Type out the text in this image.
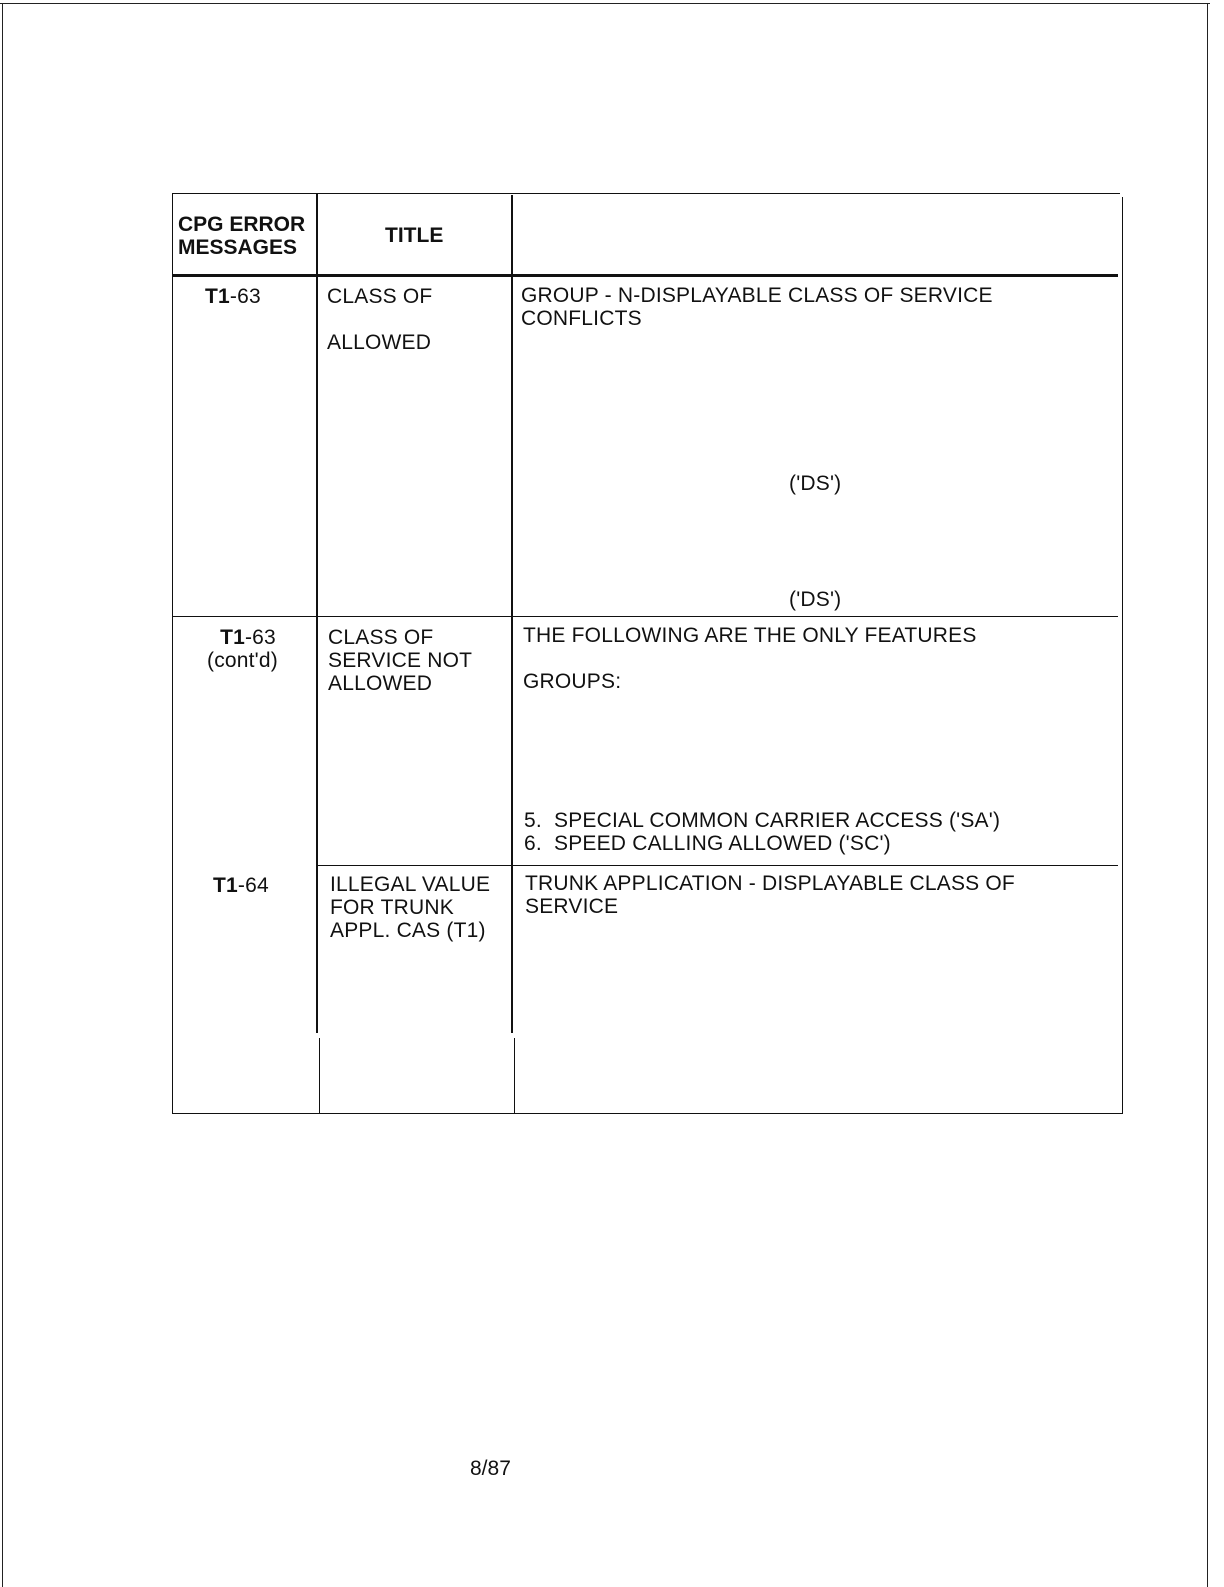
CPG ERROR
MESSAGES
TITLE
T1-63	CLASS OF
ALLOWED
GROUP - N-DISPLAYABLE CLASS OF SERVICE
CONFLICTS
('DS')
('DS')
T1-63
(cont'd)
CLASS OF
SERVICE NOT
ALLOWED
THE FOLLOWING ARE THE ONLY FEATURES
GROUPS:
5.  SPECIAL COMMON CARRIER ACCESS ('SA')
6.  SPEED CALLING ALLOWED ('SC')
T1-64	ILLEGAL VALUE
FOR TRUNK
APPL. CAS (T1)
TRUNK APPLICATION - DISPLAYABLE CLASS OF
SERVICE
8/87
